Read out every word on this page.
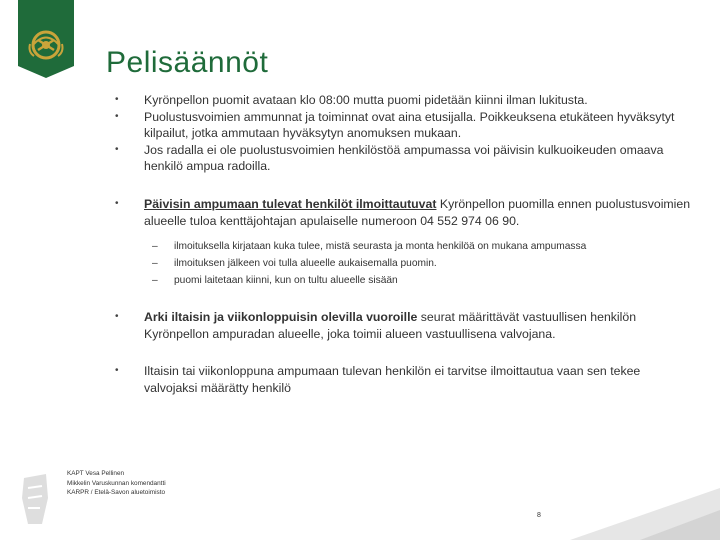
Pelisäännöt
• Kyrönpellon puomit avataan klo 08:00 mutta puomi pidetään kiinni ilman lukitusta.
• Puolustusvoimien ammunnat ja toiminnat ovat aina etusijalla. Poikkeuksena etukäteen hyväksytyt kilpailut, jotka ammutaan hyväksytyn anomuksen mukaan.
• Jos radalla ei ole puolustusvoimien henkilöstöä ampumassa voi päivisin kulkuoikeuden omaava henkilö ampua radoilla.
• Päivisin ampumaan tulevat henkilöt ilmoittautuvat Kyrönpellon puomilla ennen puolustusvoimien alueelle tuloa kenttäjohtajan apulaiselle numeroon 04 552 974 06 90.
– ilmoituksella kirjataan kuka tulee, mistä seurasta ja monta henkilöä on mukana ampumassa
– ilmoituksen jälkeen voi tulla alueelle aukaisemalla puomin.
– puomi laitetaan kiinni, kun on tultu alueelle sisään
• Arki iltaisin ja viikonloppuisin olevilla vuoroille seurat määrittävät vastuullisen henkilön Kyrönpellon ampuradan alueelle, joka toimii alueen vastuullisena valvojana.
• Iltaisin tai viikonloppuna ampumaan tulevan henkilön ei tarvitse ilmoittautua vaan sen tekee valvojaksi määrätty henkilö
KAPT Vesa Pellinen
Mikkelin Varuskunnan komendantti
KARPR / Etelä-Savon aluetoimisto
8
